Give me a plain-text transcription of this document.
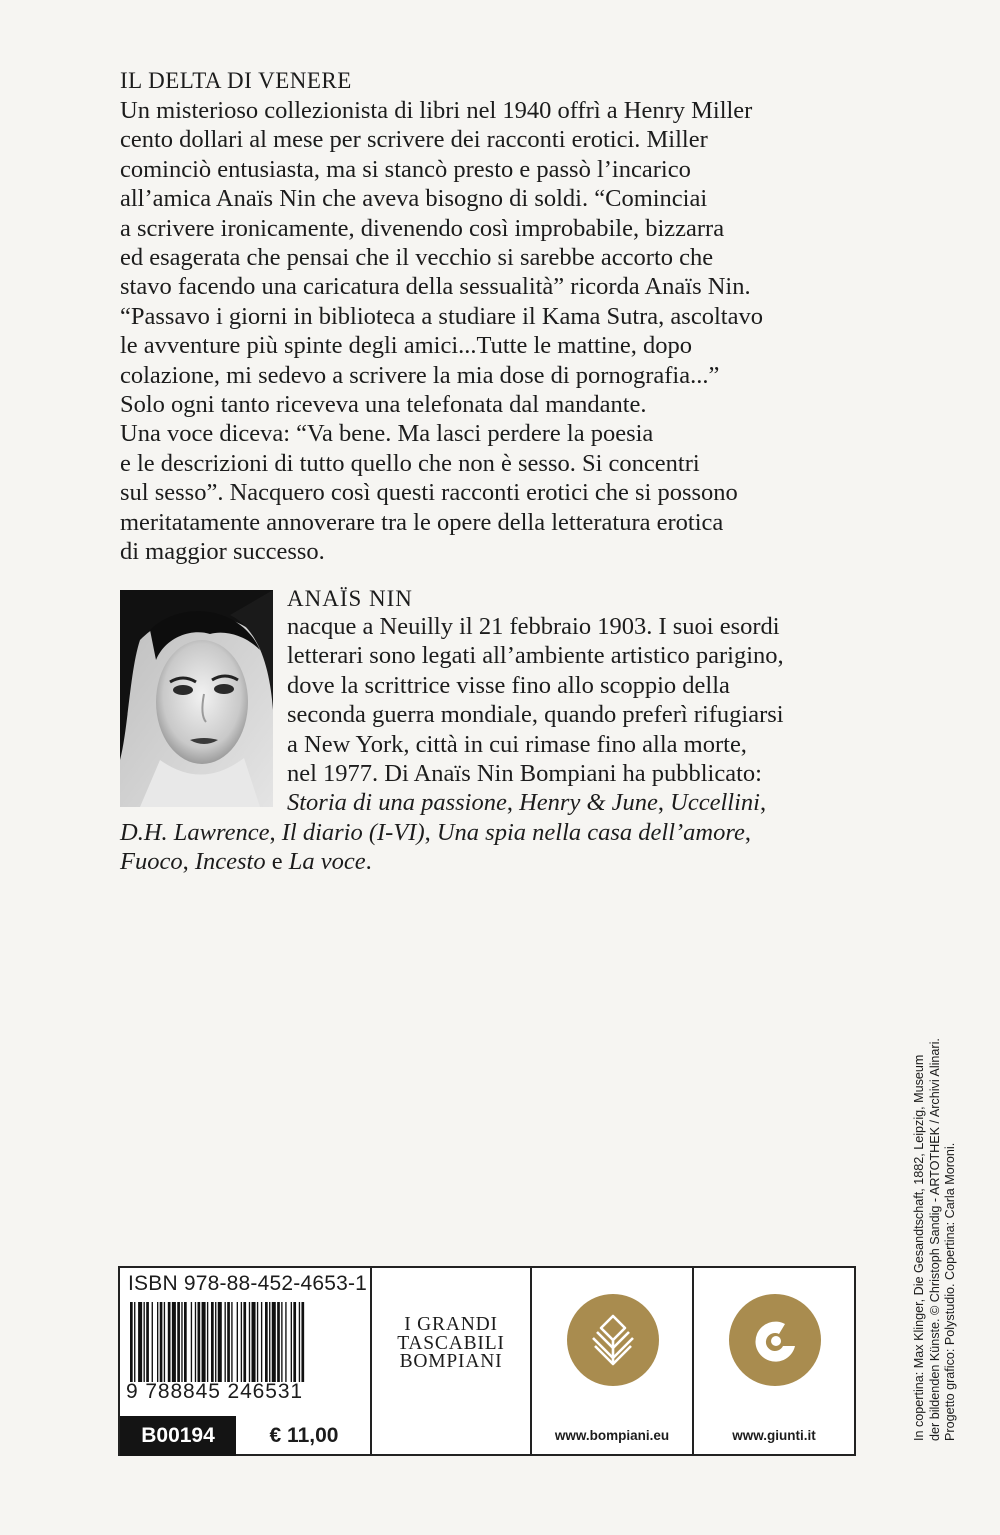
IL DELTA DI VENERE
Un misterioso collezionista di libri nel 1940 offrì a Henry Miller
cento dollari al mese per scrivere dei racconti erotici. Miller
cominciò entusiasta, ma si stancò presto e passò l’incarico
all’amica Anaïs Nin che aveva bisogno di soldi. “Cominciai
a scrivere ironicamente, divenendo così improbabile, bizzarra
ed esagerata che pensai che il vecchio si sarebbe accorto che
stavo facendo una caricatura della sessualità” ricorda Anaïs Nin.
“Passavo i giorni in biblioteca a studiare il Kama Sutra, ascoltavo
le avventure più spinte degli amici...Tutte le mattine, dopo
colazione, mi sedevo a scrivere la mia dose di pornografia...”
Solo ogni tanto riceveva una telefonata dal mandante.
Una voce diceva: “Va bene. Ma lasci perdere la poesia
e le descrizioni di tutto quello che non è sesso. Si concentri
sul sesso”. Nacquero così questi racconti erotici che si possono
meritatamente annoverare tra le opere della letteratura erotica
di maggior successo.
ANAÏS NIN
nacque a Neuilly il 21 febbraio 1903. I suoi esordi
letterari sono legati all’ambiente artistico parigino,
dove la scrittrice visse fino allo scoppio della
seconda guerra mondiale, quando preferì rifugiarsi
a New York, città in cui rimase fino alla morte,
nel 1977. Di Anaïs Nin Bompiani ha pubblicato:
Storia di una passione, Henry & June, Uccellini,
D.H. Lawrence, Il diario (I-VI), Una spia nella casa dell’amore,
Fuoco, Incesto e La voce.
In copertina: Max Klinger, Die Gesandtschaft, 1882, Leipzig, Museum der bildenden Künste. © Christoph Sandig - ARTOTHEK / Archivi Alinari. Progetto grafico: Polystudio. Copertina: Carla Moroni.
ISBN 978-88-452-4653-1
9 788845 246531
B00194	€ 11,00
I GRANDI
TASCABILI
BOMPIANI
www.bompiani.eu	www.giunti.it
